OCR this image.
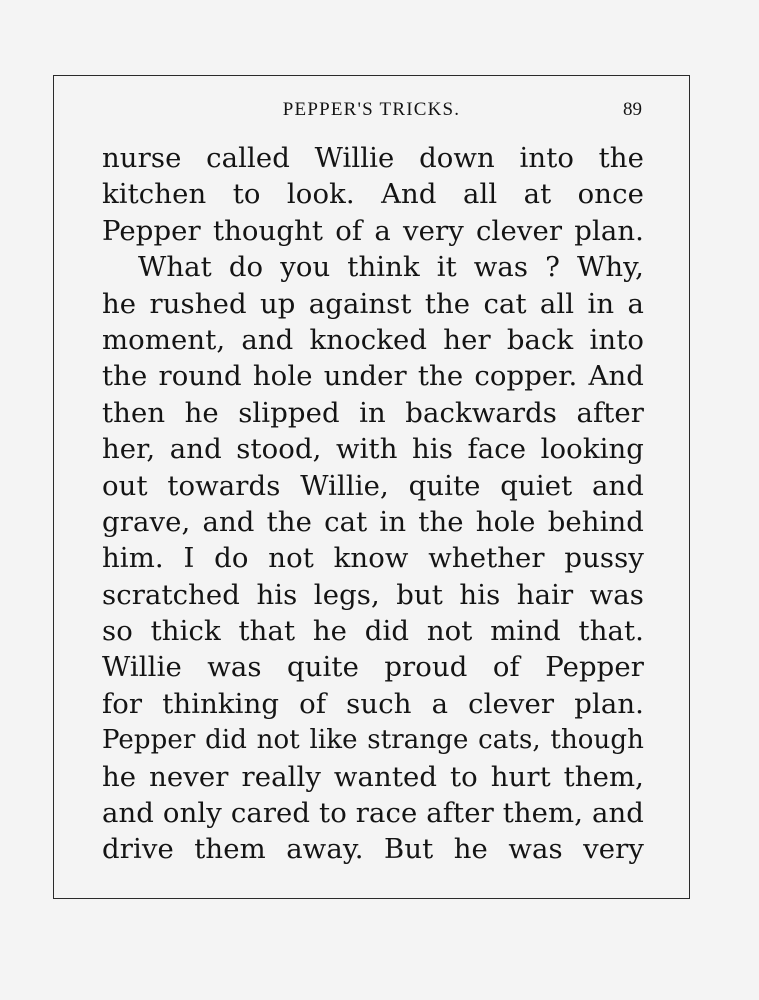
PEPPER'S TRICKS.	89
nurse called Willie down into the
kitchen to look. And all at once
Pepper thought of a very clever plan.
What do you think it was ? Why,
he rushed up against the cat all in a
moment, and knocked her back into
the round hole under the copper. And
then he slipped in backwards after
her, and stood, with his face looking
out towards Willie, quite quiet and
grave, and the cat in the hole behind
him. I do not know whether pussy
scratched his legs, but his hair was
so thick that he did not mind that.
Willie was quite proud of Pepper
for thinking of such a clever plan.
Pepper did not like strange cats, though
he never really wanted to hurt them,
and only cared to race after them, and
drive them away. But he was very
